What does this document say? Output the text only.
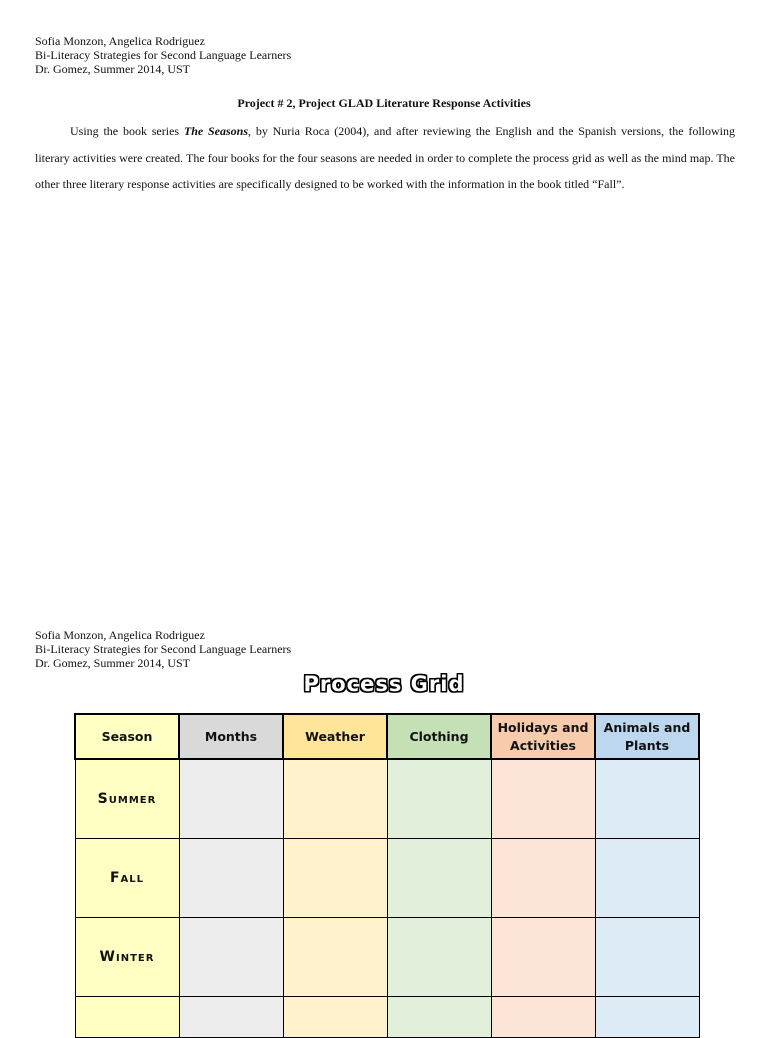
Sofia Monzon, Angelica Rodriguez
Bi-Literacy Strategies for Second Language Learners
Dr. Gomez, Summer 2014, UST
Project # 2, Project GLAD Literature Response Activities
Using the book series The Seasons, by Nuria Roca (2004), and after reviewing the English and the Spanish versions, the following literary activities were created. The four books for the four seasons are needed in order to complete the process grid as well as the mind map. The other three literary response activities are specifically designed to be worked with the information in the book titled “Fall”.
Sofia Monzon, Angelica Rodriguez
Bi-Literacy Strategies for Second Language Learners
Dr. Gomez, Summer 2014, UST
Process Grid
Season	Months	Weather	Clothing	Holidays and Activities	Animals and Plants
Summer					
Fall					
Winter					
